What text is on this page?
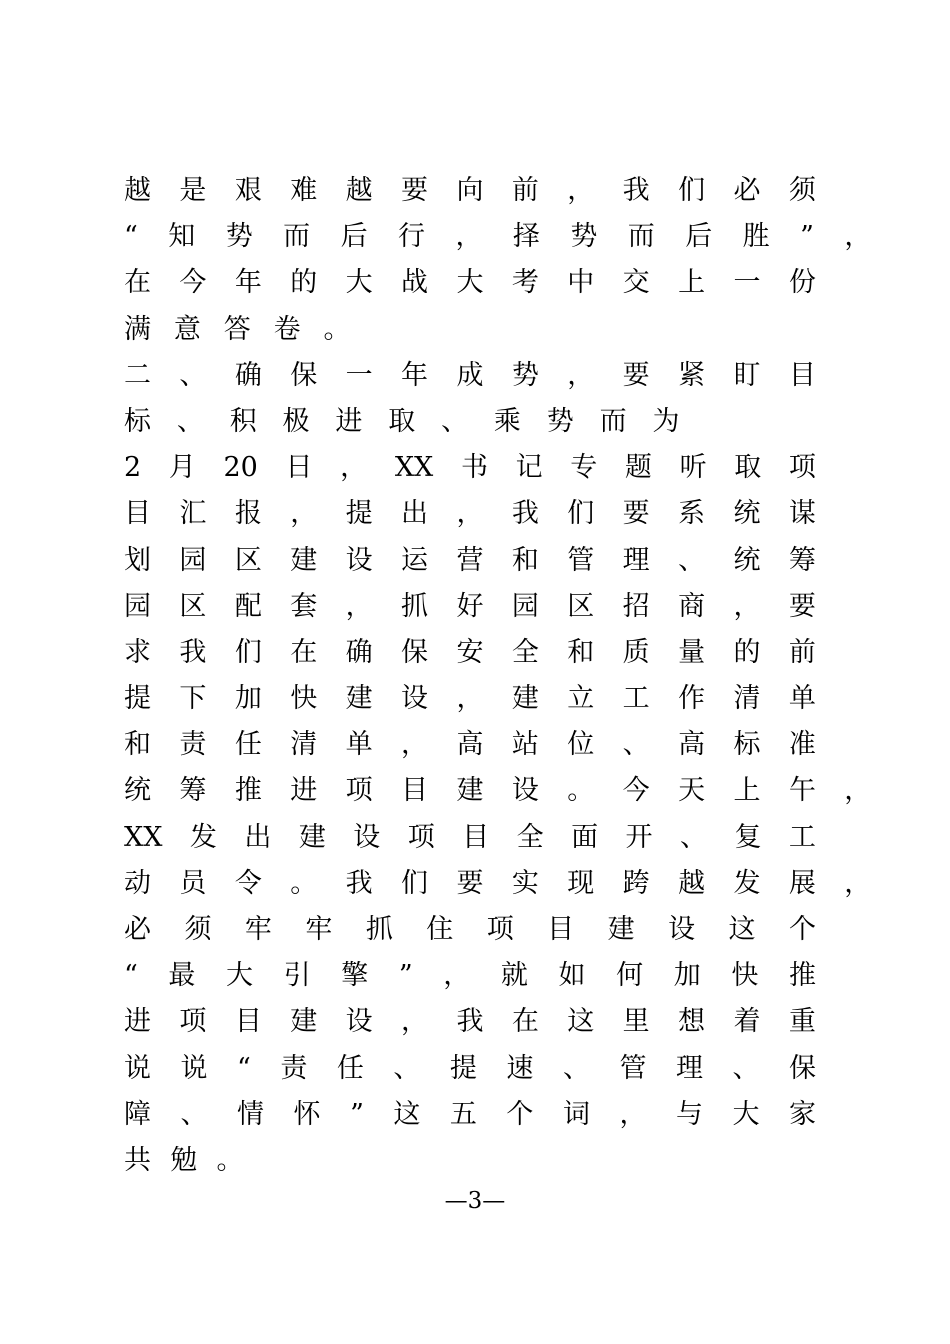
越 是 艰 难 越 要 向 前 ， 我 们 必 须
“ 知 势 而 后 行 ， 择 势 而 后 胜 ” ，
在 今 年 的 大 战 大 考 中 交 上 一 份
满 意 答 卷 。
二 、 确 保 一 年 成 势 ， 要 紧 盯 目
标 、 积 极 进 取 、 乘 势 而 为
2 月 20 日 ， XX 书 记 专 题 听 取 项
目 汇 报 ， 提 出 ， 我 们 要 系 统 谋
划 园 区 建 设 运 营 和 管 理 、 统 筹
园 区 配 套 ， 抓 好 园 区 招 商 ， 要
求 我 们 在 确 保 安 全 和 质 量 的 前
提 下 加 快 建 设 ， 建 立 工 作 清 单
和 责 任 清 单 ， 高 站 位 、 高 标 准
统 筹 推 进 项 目 建 设 。 今 天 上 午 ，
XX 发 出 建 设 项 目 全 面 开 、 复 工
动 员 令 。 我 们 要 实 现 跨 越 发 展 ，
必 须 牢 牢 抓 住 项 目 建 设 这 个
“ 最 大 引 擎 ” ， 就 如 何 加 快 推
进 项 目 建 设 ， 我 在 这 里 想 着 重
说 说 “ 责 任 、 提 速 、 管 理 、 保
障 、 情 怀 ” 这 五 个 词 ， 与 大 家
共 勉 。
—3—
